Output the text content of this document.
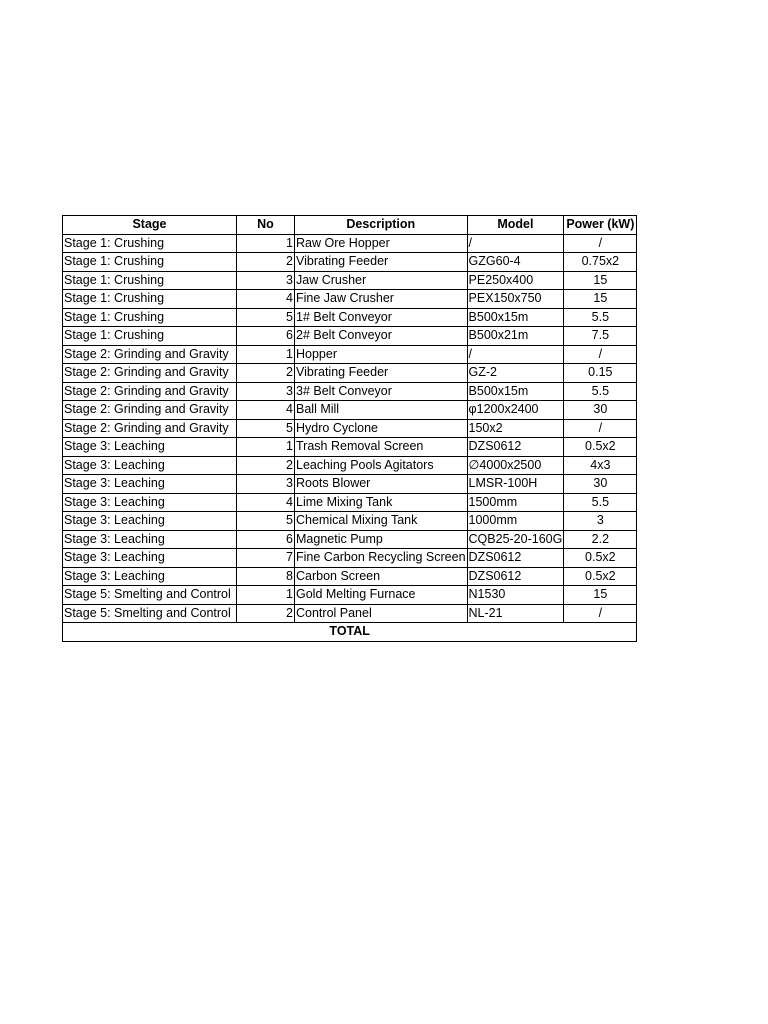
Stage	No	Description	Model	Power (kW)
Stage 1: Crushing	1	Raw Ore Hopper	/	/
Stage 1: Crushing	2	Vibrating Feeder	GZG60-4	0.75x2
Stage 1: Crushing	3	Jaw Crusher	PE250x400	15
Stage 1: Crushing	4	Fine Jaw Crusher	PEX150x750	15
Stage 1: Crushing	5	1# Belt Conveyor	B500x15m	5.5
Stage 1: Crushing	6	2# Belt Conveyor	B500x21m	7.5
Stage 2: Grinding and Gravity	1	Hopper	/	/
Stage 2: Grinding and Gravity	2	Vibrating Feeder	GZ-2	0.15
Stage 2: Grinding and Gravity	3	3# Belt Conveyor	B500x15m	5.5
Stage 2: Grinding and Gravity	4	Ball Mill	φ1200x2400	30
Stage 2: Grinding and Gravity	5	Hydro Cyclone	150x2	/
Stage 3: Leaching	1	Trash Removal Screen	DZS0612	0.5x2
Stage 3: Leaching	2	Leaching Pools Agitators	∅4000x2500	4x3
Stage 3: Leaching	3	Roots Blower	LMSR-100H	30
Stage 3: Leaching	4	Lime Mixing Tank	1500mm	5.5
Stage 3: Leaching	5	Chemical Mixing Tank	1000mm	3
Stage 3: Leaching	6	Magnetic Pump	CQB25-20-160G	2.2
Stage 3: Leaching	7	Fine Carbon Recycling Screen	DZS0612	0.5x2
Stage 3: Leaching	8	Carbon Screen	DZS0612	0.5x2
Stage 5: Smelting and Control	1	Gold Melting Furnace	N1530	15
Stage 5: Smelting and Control	2	Control Panel	NL-21	/
TOTAL				
